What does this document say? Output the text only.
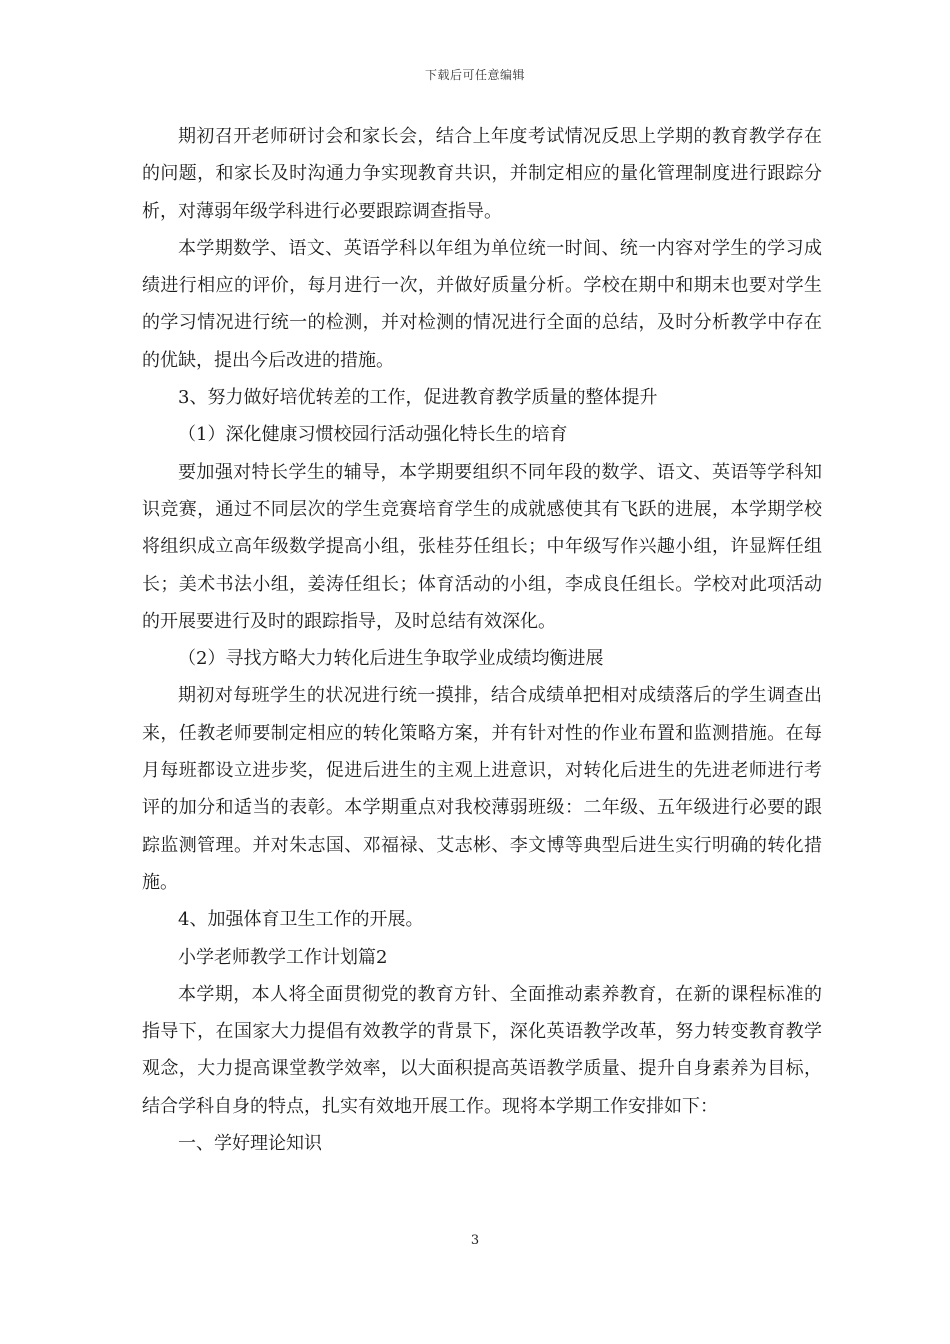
下载后可任意编辑

期初召开老师研讨会和家长会，结合上年度考试情况反思上学期的教育教学存在的问题，和家长及时沟通力争实现教育共识，并制定相应的量化管理制度进行跟踪分析，对薄弱年级学科进行必要跟踪调查指导。

本学期数学、语文、英语学科以年组为单位统一时间、统一内容对学生的学习成绩进行相应的评价，每月进行一次，并做好质量分析。学校在期中和期末也要对学生的学习情况进行统一的检测，并对检测的情况进行全面的总结，及时分析教学中存在的优缺，提出今后改进的措施。

3、努力做好培优转差的工作，促进教育教学质量的整体提升

（1）深化健康习惯校园行活动强化特长生的培育

要加强对特长学生的辅导，本学期要组织不同年段的数学、语文、英语等学科知识竞赛，通过不同层次的学生竞赛培育学生的成就感使其有飞跃的进展，本学期学校将组织成立高年级数学提高小组，张桂芬任组长；中年级写作兴趣小组，许显辉任组长；美术书法小组，姜涛任组长；体育活动的小组，李成良任组长。学校对此项活动的开展要进行及时的跟踪指导，及时总结有效深化。

（2）寻找方略大力转化后进生争取学业成绩均衡进展

期初对每班学生的状况进行统一摸排，结合成绩单把相对成绩落后的学生调查出来，任教老师要制定相应的转化策略方案，并有针对性的作业布置和监测措施。在每月每班都设立进步奖，促进后进生的主观上进意识，对转化后进生的先进老师进行考评的加分和适当的表彰。本学期重点对我校薄弱班级：二年级、五年级进行必要的跟踪监测管理。并对朱志国、邓福禄、艾志彬、李文博等典型后进生实行明确的转化措施。

4、加强体育卫生工作的开展。

小学老师教学工作计划篇2

本学期，本人将全面贯彻党的教育方针、全面推动素养教育，在新的课程标准的指导下，在国家大力提倡有效教学的背景下，深化英语教学改革，努力转变教育教学观念，大力提高课堂教学效率，以大面积提高英语教学质量、提升自身素养为目标，结合学科自身的特点，扎实有效地开展工作。现将本学期工作安排如下：

一、学好理论知识

3
